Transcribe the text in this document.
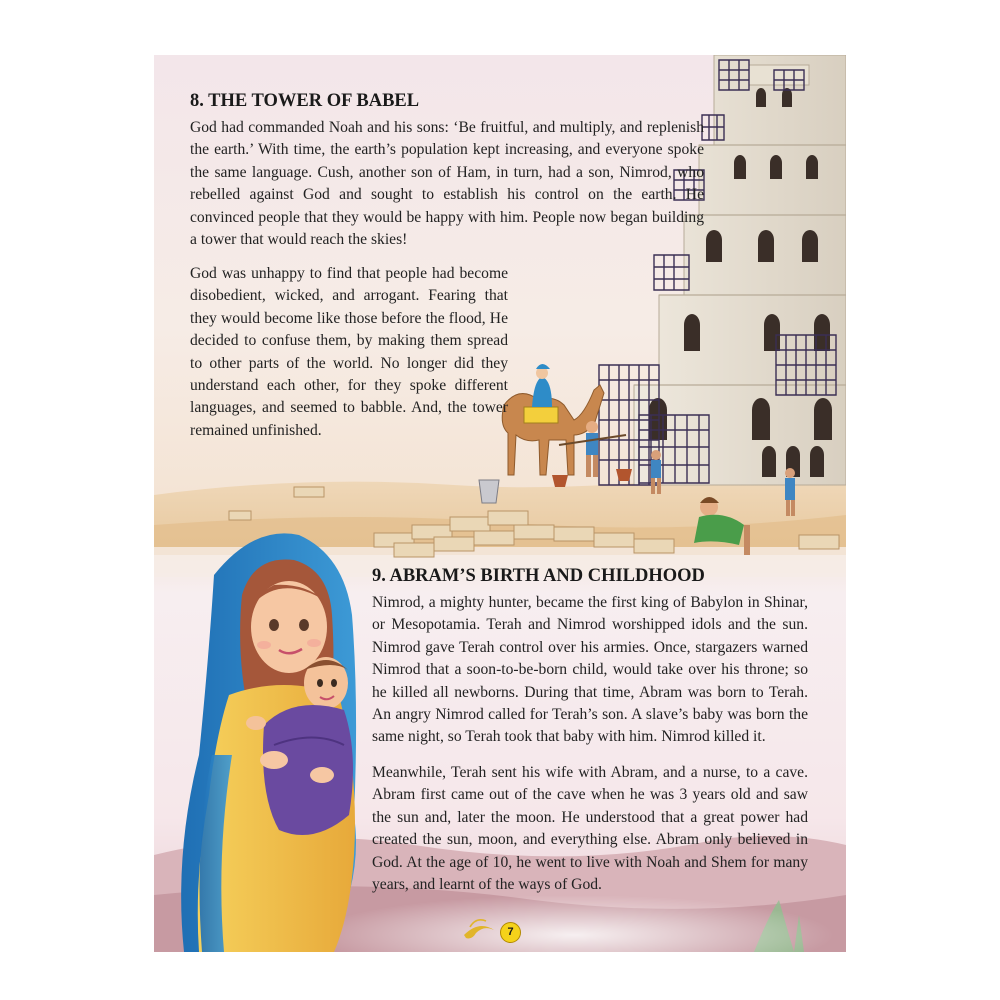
8. THE TOWER OF BABEL

God had commanded Noah and his sons: ‘Be fruitful, and multiply, and replenish the earth.’ With time, the earth’s population kept increasing, and everyone spoke the same language. Cush, another son of Ham, in turn, had a son, Nimrod, who rebelled against God and sought to establish his control on the earth. He convinced people that they would be happy with him. People now began building a tower that would reach the skies!

God was unhappy to find that people had become disobedient, wicked, and arrogant. Fearing that they would become like those before the flood, He decided to confuse them, by making them spread to other parts of the world. No longer did they understand each other, for they spoke different languages, and seemed to babble. And, the tower remained unfinished.

9. ABRAM’S BIRTH AND CHILDHOOD

Nimrod, a mighty hunter, became the first king of Babylon in Shinar, or Mesopotamia. Terah and Nimrod worshipped idols and the sun. Nimrod gave Terah control over his armies. Once, stargazers warned Nimrod that a soon-to-be-born child, would take over his throne; so he killed all newborns. During that time, Abram was born to Terah. An angry Nimrod called for Terah’s son. A slave’s baby was born the same night, so Terah took that baby with him. Nimrod killed it.

Meanwhile, Terah sent his wife with Abram, and a nurse, to a cave. Abram first came out of the cave when he was 3 years old and saw the sun and, later the moon. He understood that a great power had created the sun, moon, and everything else. Abram only believed in God. At the age of 10, he went to live with Noah and Shem for many years, and learnt of the ways of God.

7
